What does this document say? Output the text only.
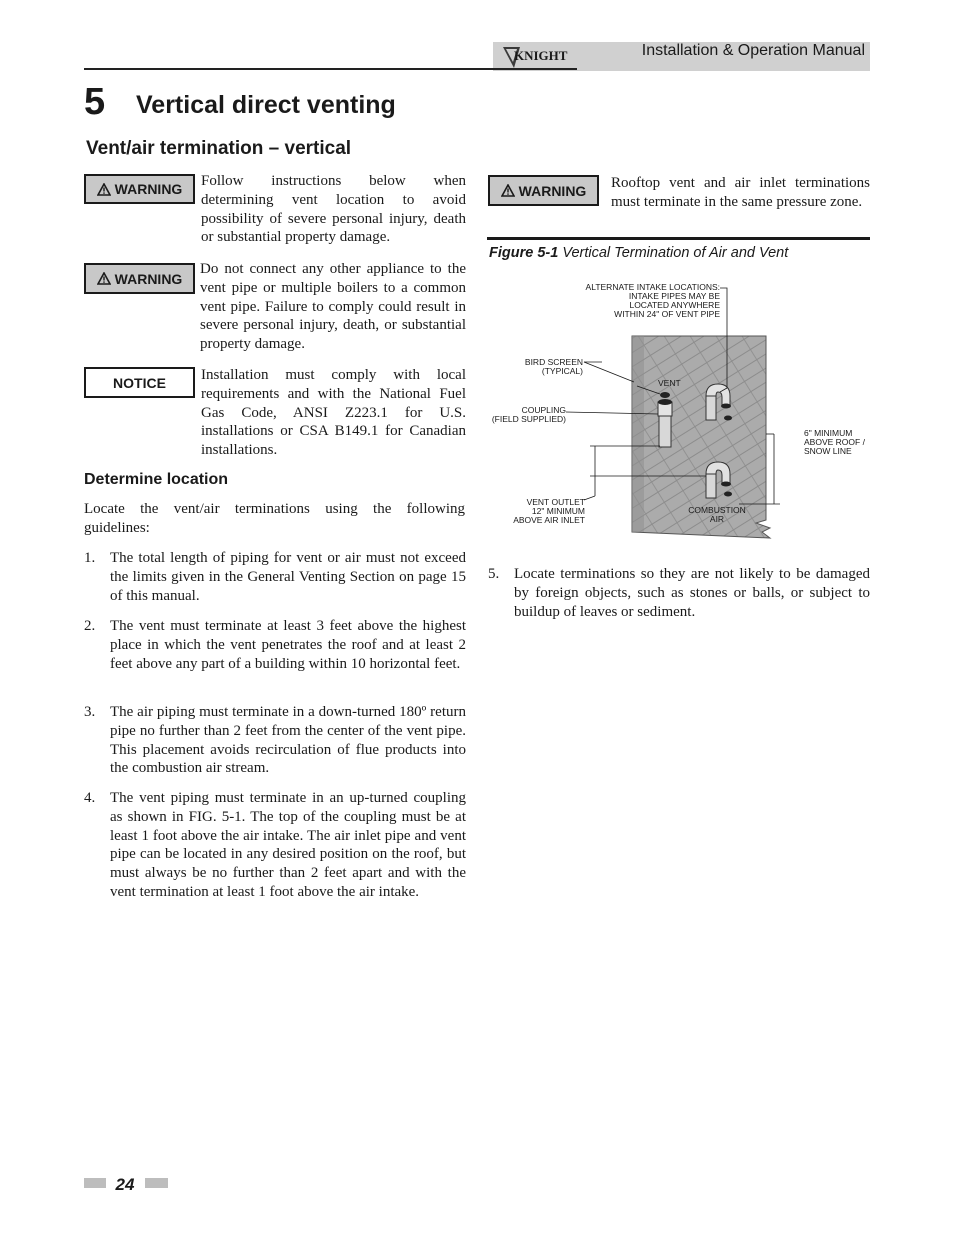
KNIGHT	Installation & Operation Manual
5 Vertical direct venting
Vent/air termination – vertical
WARNING Follow instructions below when determining vent location to avoid possibility of severe personal injury, death or substantial property damage.
WARNING
Do not connect any other appliance to the vent pipe or multiple boilers to a common vent pipe. Failure to comply could result in severe personal injury, death, or substantial property damage.
NOTICE Installation must comply with local requirements and with the National Fuel Gas Code, ANSI Z223.1 for U.S. installations or CSA B149.1 for Canadian installations.
Determine location
Locate the vent/air terminations using the following guidelines:
1. The total length of piping for vent or air must not exceed the limits given in the General Venting Section on page 15 of this manual.
2. The vent must terminate at least 3 feet above the highest place in which the vent penetrates the roof and at least 2 feet above any part of a building within 10 horizontal feet.
3. The air piping must terminate in a down-turned 180º return pipe no further than 2 feet from the center of the vent pipe. This placement avoids recirculation of flue products into the combustion air stream.
4. The vent piping must terminate in an up-turned coupling as shown in FIG. 5-1. The top of the coupling must be at least 1 foot above the air intake. The air inlet pipe and vent pipe can be located in any desired position on the roof, but must always be no further than 2 feet apart and with the vent termination at least 1 foot above the air intake.
WARNING Rooftop vent and air inlet terminations must terminate in the same pressure zone.
Figure 5-1 Vertical Termination of Air and Vent
ALTERNATE INTAKE LOCATIONS:
INTAKE PIPES MAY BE
LOCATED ANYWHERE
WITHIN 24" OF VENT PIPE
BIRD SCREEN
(TYPICAL)
VENT
COUPLING
(FIELD SUPPLIED)
6" MINIMUM
ABOVE ROOF /
SNOW LINE
VENT OUTLET
12" MINIMUM
ABOVE AIR INLET
COMBUSTION
AIR
5. Locate terminations so they are not likely to be damaged by foreign objects, such as stones or balls, or subject to buildup of leaves or sediment.
24
